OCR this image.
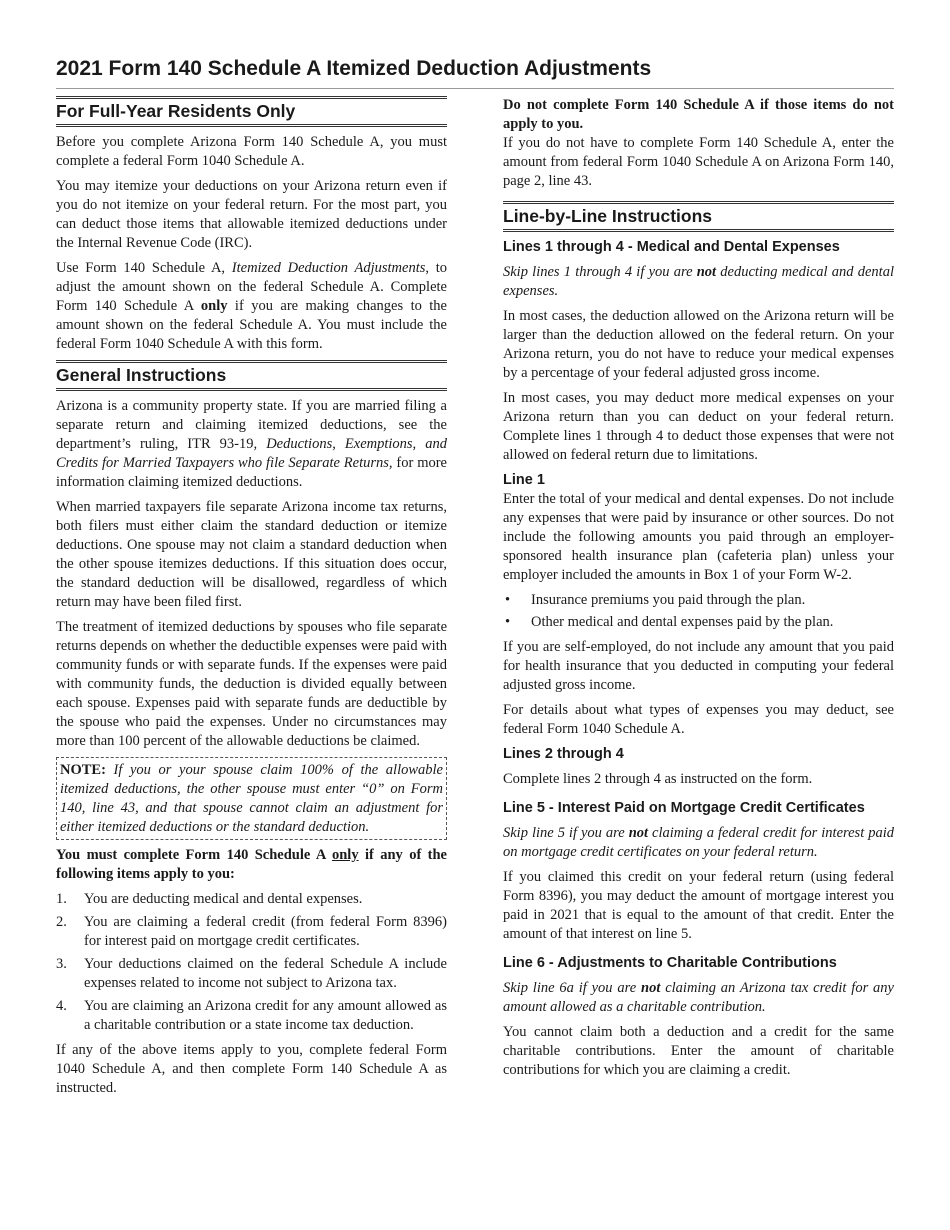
2021 Form 140 Schedule A Itemized Deduction Adjustments
For Full-Year Residents Only

Before you complete Arizona Form 140 Schedule A, you must complete a federal Form 1040 Schedule A.

You may itemize your deductions on your Arizona return even if you do not itemize on your federal return. For the most part, you can deduct those items that allowable itemized deductions under the Internal Revenue Code (IRC).

Use Form 140 Schedule A, Itemized Deduction Adjustments, to adjust the amount shown on the federal Schedule A. Complete Form 140 Schedule A only if you are making changes to the amount shown on the federal Schedule A. You must include the federal Form 1040 Schedule A with this form.

General Instructions

Arizona is a community property state. If you are married filing a separate return and claiming itemized deductions, see the department’s ruling, ITR 93-19, Deductions, Exemptions, and Credits for Married Taxpayers who file Separate Returns, for more information claiming itemized deductions.

When married taxpayers file separate Arizona income tax returns, both filers must either claim the standard deduction or itemize deductions. One spouse may not claim a standard deduction when the other spouse itemizes deductions. If this situation does occur, the standard deduction will be disallowed, regardless of which return may have been filed first.

The treatment of itemized deductions by spouses who file separate returns depends on whether the deductible expenses were paid with community funds or with separate funds. If the expenses were paid with community funds, the deduction is divided equally between each spouse. Expenses paid with separate funds are deductible by the spouse who paid the expenses. Under no circumstances may more than 100 percent of the allowable deductions be claimed.

NOTE: If you or your spouse claim 100% of the allowable itemized deductions, the other spouse must enter “0” on Form 140, line 43, and that spouse cannot claim an adjustment for either itemized deductions or the standard deduction.

You must complete Form 140 Schedule A only if any of the following items apply to you:

1. You are deducting medical and dental expenses.
2. You are claiming a federal credit (from federal Form 8396) for interest paid on mortgage credit certificates.
3. Your deductions claimed on the federal Schedule A include expenses related to income not subject to Arizona tax.
4. You are claiming an Arizona credit for any amount allowed as a charitable contribution or a state income tax deduction.

If any of the above items apply to you, complete federal Form 1040 Schedule A, and then complete Form 140 Schedule A as instructed.

Do not complete Form 140 Schedule A if those items do not apply to you.

If you do not have to complete Form 140 Schedule A, enter the amount from federal Form 1040 Schedule A on Arizona Form 140, page 2, line 43.

Line-by-Line Instructions
Lines 1 through 4 - Medical and Dental Expenses

Skip lines 1 through 4 if you are not deducting medical and dental expenses.

In most cases, the deduction allowed on the Arizona return will be larger than the deduction allowed on the federal return. On your Arizona return, you do not have to reduce your medical expenses by a percentage of your federal adjusted gross income.

In most cases, you may deduct more medical expenses on your Arizona return than you can deduct on your federal return. Complete lines 1 through 4 to deduct those expenses that were not allowed on federal return due to limitations.

Line 1

Enter the total of your medical and dental expenses. Do not include any expenses that were paid by insurance or other sources. Do not include the following amounts you paid through an employer-sponsored health insurance plan (cafeteria plan) unless your employer included the amounts in Box 1 of your Form W-2.

• Insurance premiums you paid through the plan.
• Other medical and dental expenses paid by the plan.

If you are self-employed, do not include any amount that you paid for health insurance that you deducted in computing your federal adjusted gross income.

For details about what types of expenses you may deduct, see federal Form 1040 Schedule A.

Lines 2 through 4

Complete lines 2 through 4 as instructed on the form.

Line 5 - Interest Paid on Mortgage Credit Certificates

Skip line 5 if you are not claiming a federal credit for interest paid on mortgage credit certificates on your federal return.

If you claimed this credit on your federal return (using federal Form 8396), you may deduct the amount of mortgage interest you paid in 2021 that is equal to the amount of that credit. Enter the amount of that interest on line 5.

Line 6 - Adjustments to Charitable Contributions

Skip line 6a if you are not claiming an Arizona tax credit for any amount allowed as a charitable contribution.

You cannot claim both a deduction and a credit for the same charitable contributions. Enter the amount of charitable contributions for which you are claiming a credit.
